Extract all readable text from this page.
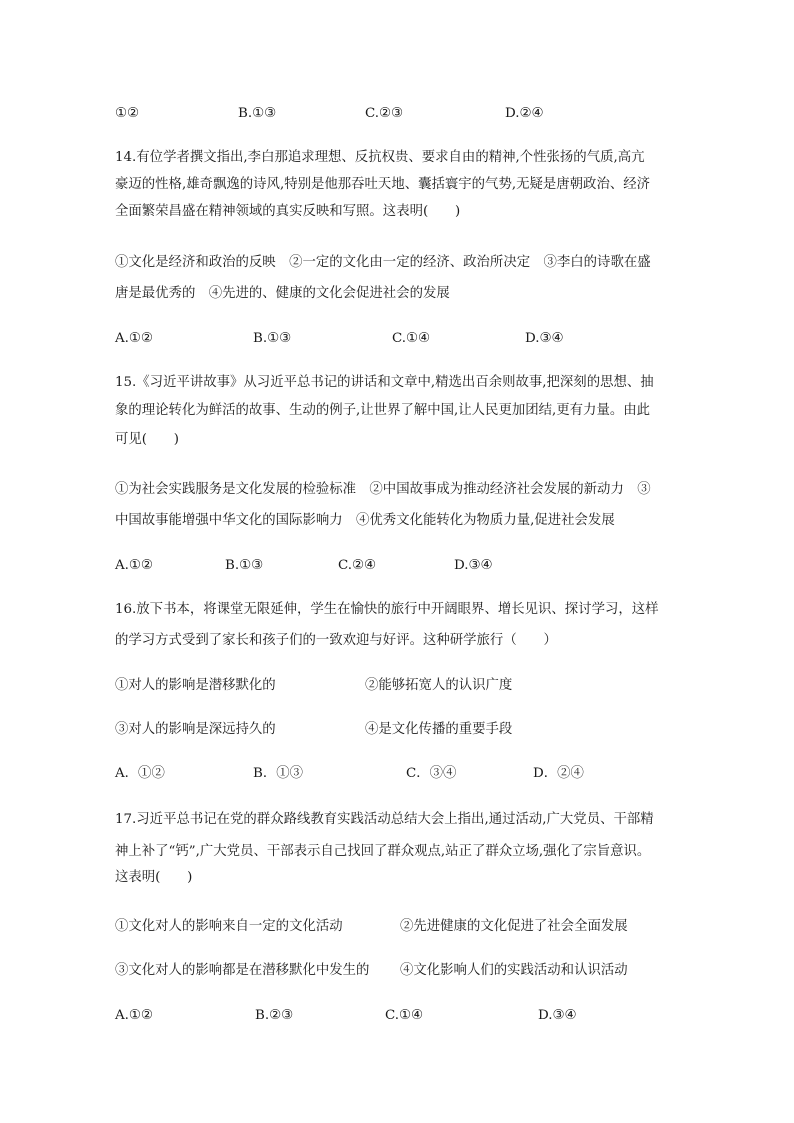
①②	B.①③	C.②③	D.②④
14.有位学者撰文指出,李白那追求理想、反抗权贵、要求自由的精神,个性张扬的气质,高亢
豪迈的性格,雄奇飘逸的诗风,特别是他那吞吐天地、囊括寰宇的气势,无疑是唐朝政治、经济
全面繁荣昌盛在精神领域的真实反映和写照。这表明(　　)
①文化是经济和政治的反映　②一定的文化由一定的经济、政治所决定　③李白的诗歌在盛
唐是最优秀的　④先进的、健康的文化会促进社会的发展
A.①②	B.①③	C.①④	D.③④
15.《习近平讲故事》从习近平总书记的讲话和文章中,精选出百余则故事,把深刻的思想、抽
象的理论转化为鲜活的故事、生动的例子,让世界了解中国,让人民更加团结,更有力量。由此
可见(　　)
①为社会实践服务是文化发展的检验标准　②中国故事成为推动经济社会发展的新动力　③
中国故事能增强中华文化的国际影响力　④优秀文化能转化为物质力量,促进社会发展
A.①②	B.①③	C.②④	D.③④
16.放下书本，将课堂无限延伸，学生在愉快的旅行中开阔眼界、增长见识、探讨学习，这样
的学习方式受到了家长和孩子们的一致欢迎与好评。这种研学旅行（　　）
①对人的影响是潜移默化的	②能够拓宽人的认识广度
③对人的影响是深远持久的	④是文化传播的重要手段
A．①②	B．①③	C．③④	D．②④
17.习近平总书记在党的群众路线教育实践活动总结大会上指出,通过活动,广大党员、干部精
神上补了“钙”,广大党员、干部表示自己找回了群众观点,站正了群众立场,强化了宗旨意识。
这表明(　　)
①文化对人的影响来自一定的文化活动	②先进健康的文化促进了社会全面发展
③文化对人的影响都是在潜移默化中发生的 ④文化影响人们的实践活动和认识活动
A.①②	B.②③	C.①④	D.③④
